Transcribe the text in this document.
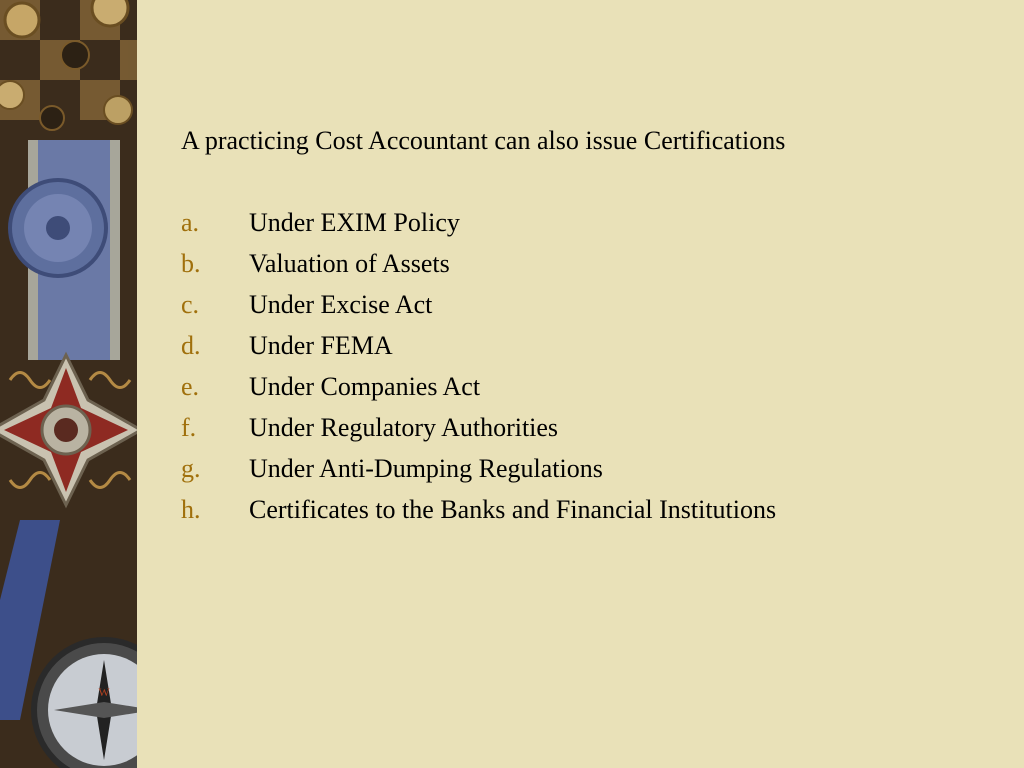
W
A practicing Cost Accountant can also issue Certifications
a.	Under EXIM Policy
b.	Valuation of Assets
c.	Under Excise Act
d.	Under FEMA
e.	Under Companies Act
f.	Under Regulatory Authorities
g.	Under Anti-Dumping Regulations
h.	Certificates to the Banks and Financial Institutions
